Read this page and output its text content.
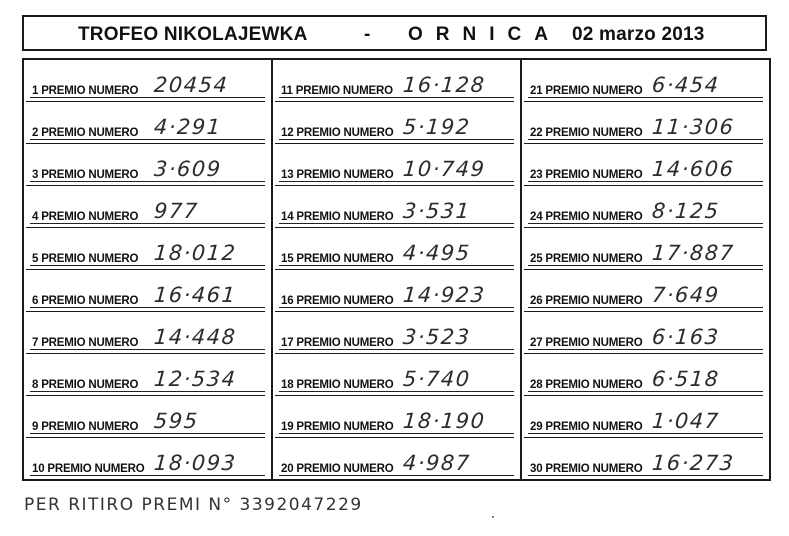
TROFEO NIKOLAJEWKA	- ORNICA 02 marzo 2013
1 PREMIO NUMERO 20454
2 PREMIO NUMERO 4·291
3 PREMIO NUMERO 3·609
4 PREMIO NUMERO 977
5 PREMIO NUMERO 18·012
6 PREMIO NUMERO 16·461
7 PREMIO NUMERO 14·448
8 PREMIO NUMERO 12·534
9 PREMIO NUMERO 595
10 PREMIO NUMERO 18·093
11 PREMIO NUMERO 16·128
12 PREMIO NUMERO 5·192
13 PREMIO NUMERO 10·749
14 PREMIO NUMERO 3·531
15 PREMIO NUMERO 4·495
16 PREMIO NUMERO 14·923
17 PREMIO NUMERO 3·523
18 PREMIO NUMERO 5·740
19 PREMIO NUMERO 18·190
20 PREMIO NUMERO 4·987
21 PREMIO NUMERO 6·454
22 PREMIO NUMERO 11·306
23 PREMIO NUMERO 14·606
24 PREMIO NUMERO 8·125
25 PREMIO NUMERO 17·887
26 PREMIO NUMERO 7·649
27 PREMIO NUMERO 6·163
28 PREMIO NUMERO 6·518
29 PREMIO NUMERO 1·047
30 PREMIO NUMERO 16·273
PER RITIRO PREMI N° 3392047229
